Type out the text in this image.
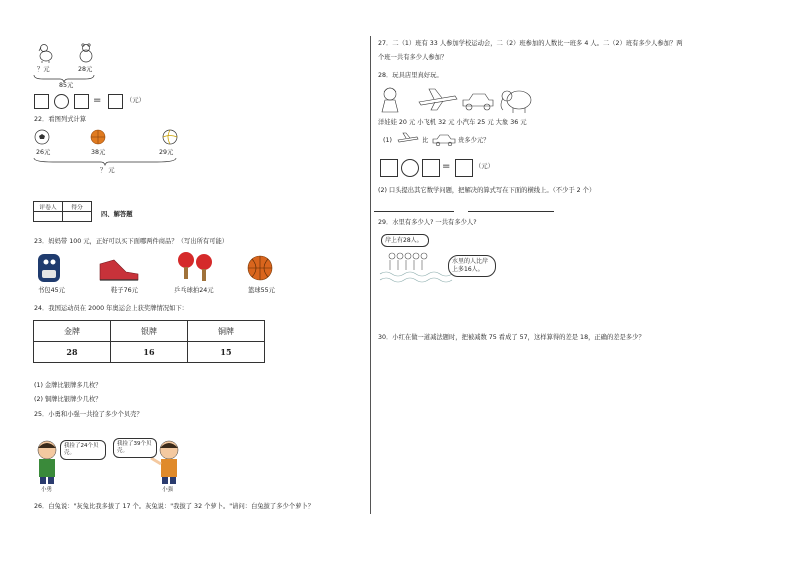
？元	28元
85元
=	（元）
22．看图列式计算
26元	38元	29元
？ 元
评卷人	得分

四、解答题
23．妈妈带 100 元，正好可以买下面哪两件商品？（写出所有可能）
书包45元	鞋子76元	乒乓球拍24元	篮球55元
24．我国运动员在 2000 年奥运会上获奖牌情况如下：
金牌	银牌	铜牌
28	16	15
(1) 金牌比银牌多几枚？
(2) 铜牌比银牌少几枚？
25．小勇和小强一共捡了多少个贝壳？
我捡了24个贝壳。
我捡了39个贝壳。
小勇	小强
26．白兔说："灰兔比我多拔了 17 个。灰兔说："我拔了 32 个萝卜。"请问：白兔拔了多少个萝卜？
27．二（1）班有 33 人参加学校运动会，二（2）班参加的人数比一班多 4 人。二（2）班有多少人参加？两
个班一共有多少人参加？
28．玩具店里真好玩。
洋娃娃 20 元 小飞机 32 元 小汽车 25 元 大象 36 元
(1)	比	贵多少元？
=	（元）
(2) 口头提出其它数学问题，把解决的算式写在下面的横线上。（不少于 2 个）
29．水里有多少人? 一共有多少人?
岸上有28人。
水里的人比岸上多16人。
30．小红在做一道减法题时，把被减数 75 看成了 57，这样算得的差是 18，正确的差是多少？
